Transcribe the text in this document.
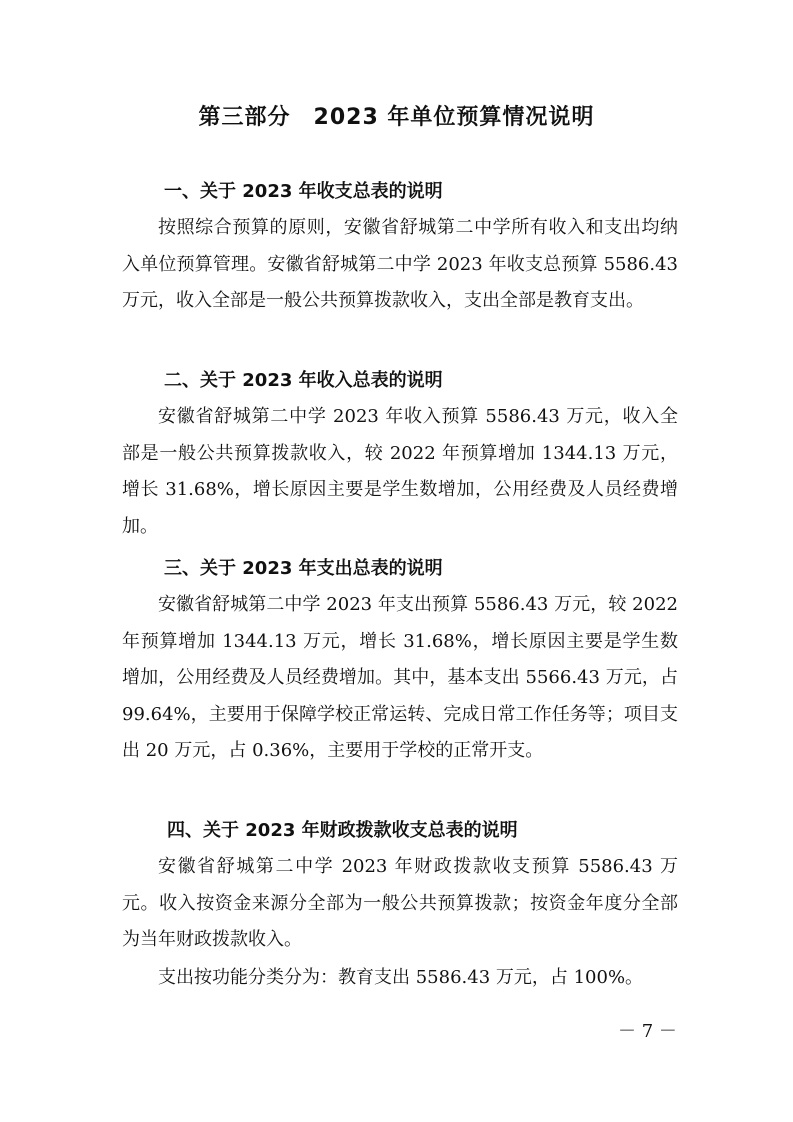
第三部分　2023 年单位预算情况说明
一、关于 2023 年收支总表的说明

按照综合预算的原则，安徽省舒城第二中学所有收入和支出均纳入单位预算管理。安徽省舒城第二中学 2023 年收支总预算 5586.43 万元，收入全部是一般公共预算拨款收入，支出全部是教育支出。

二、关于 2023 年收入总表的说明

安徽省舒城第二中学 2023 年收入预算 5586.43 万元，收入全部是一般公共预算拨款收入，较 2022 年预算增加 1344.13 万元，增长 31.68%，增长原因主要是学生数增加，公用经费及人员经费增加。

三、关于 2023 年支出总表的说明

安徽省舒城第二中学 2023 年支出预算 5586.43 万元，较 2022 年预算增加 1344.13 万元，增长 31.68%，增长原因主要是学生数增加，公用经费及人员经费增加。其中，基本支出 5566.43 万元，占 99.64%，主要用于保障学校正常运转、完成日常工作任务等；项目支出 20 万元，占 0.36%，主要用于学校的正常开支。

四、关于 2023 年财政拨款收支总表的说明

安徽省舒城第二中学 2023 年财政拨款收支预算 5586.43 万元。收入按资金来源分全部为一般公共预算拨款；按资金年度分全部为当年财政拨款收入。

支出按功能分类分为：教育支出 5586.43 万元，占 100%。

－ 7 －
